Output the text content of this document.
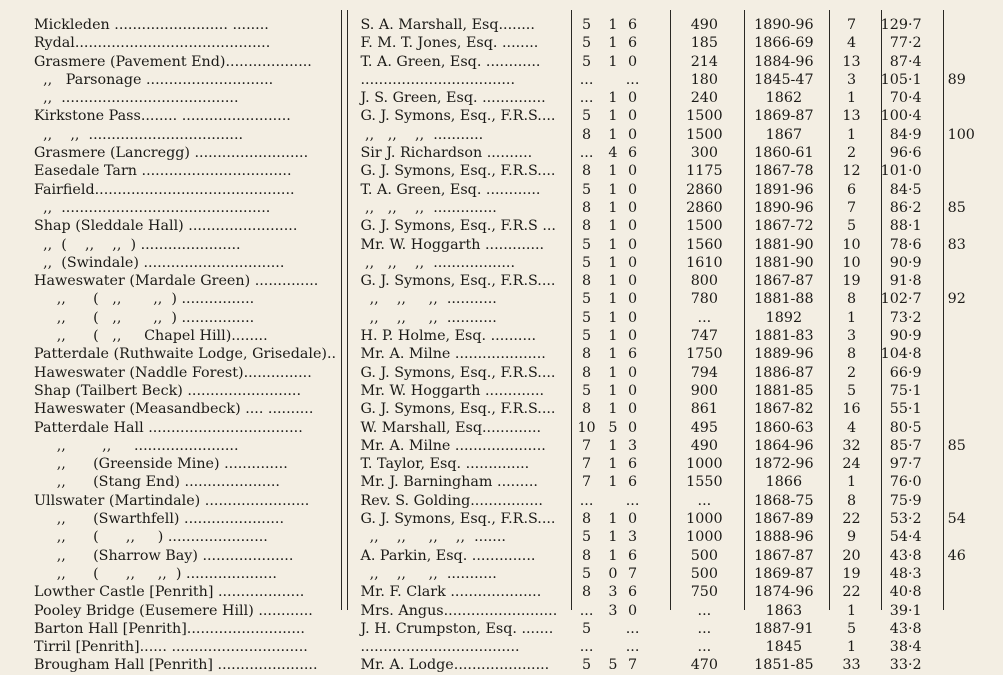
Mickleden ......................... ........		S. A. Marshall, Esq........	5	1	6		490	1890-96	7	129·7	

Rydal...........................................		F. M. T. Jones, Esq. ........	5	1	6		185	1866-69	4	77·2	

Grasmere (Pavement End)...................		T. A. Green, Esq. ............	5	1	0		214	1884-96	13	87·4	

,,   Parsonage ............................		..................................	...		...		180	1845-47	3	105·1	89

,,  .......................................		J. S. Green, Esq. ..............	...	1	0		240	1862	1	70·4	

Kirkstone Pass........ ........................		G. J. Symons, Esq., F.R.S....	5	1	0		1500	1869-87	13	100·4	

,,    ,,  ..................................		,,   ,,    ,,  ...........	8	1	0		1500	1867	1	84·9	100

Grasmere (Lancregg) .........................		Sir J. Richardson ..........	...	4	6		300	1860-61	2	96·6	

Easedale Tarn .................................		G. J. Symons, Esq., F.R.S....	8	1	0		1175	1867-78	12	101·0	

Fairfield............................................		T. A. Green, Esq. ............	5	1	0		2860	1891-96	6	84·5	

,,  ..............................................		,,   ,,    ,,  ..............	8	1	0		2860	1890-96	7	86·2	85

Shap (Sleddale Hall) ........................		G. J. Symons, Esq., F.R.S ...	8	1	0		1500	1867-72	5	88·1	

,,  (    ,,    ,,  ) ......................		Mr. W. Hoggarth .............	5	1	0		1560	1881-90	10	78·6	83

,,  (Swindale) ...............................		,,   ,,    ,,  ..................	5	1	0		1610	1881-90	10	90·9	

Haweswater (Mardale Green) ..............		G. J. Symons, Esq., F.R.S....	8	1	0		800	1867-87	19	91·8	

,,      (   ,,       ,,  ) ................		,,    ,,     ,,  ...........	5	1	0		780	1881-88	8	102·7	92

,,      (   ,,       ,,  ) ................		,,    ,,     ,,  ...........	5	1	0		...	1892	1	73·2	

,,      (   ,,     Chapel Hill)........		H. P. Holme, Esq. ..........	5	1	0		747	1881-83	3	90·9	

Patterdale (Ruthwaite Lodge, Grisedale)..		Mr. A. Milne ....................	8	1	6		1750	1889-96	8	104·8	

Haweswater (Naddle Forest)...............		G. J. Symons, Esq., F.R.S....	8	1	0		794	1886-87	2	66·9	

Shap (Tailbert Beck) .........................		Mr. W. Hoggarth .............	5	1	0		900	1881-85	5	75·1	

Haweswater (Measandbeck) .... ..........		G. J. Symons, Esq., F.R.S....	8	1	0		861	1867-82	16	55·1	

Patterdale Hall ..................................		W. Marshall, Esq.............	10	5	0		495	1860-63	4	80·5	

,,        ,,     .......................		Mr. A. Milne ....................	7	1	3		490	1864-96	32	85·7	85

,,      (Greenside Mine) ..............		T. Taylor, Esq. ..............	7	1	6		1000	1872-96	24	97·7	

,,      (Stang End) .....................		Mr. J. Barningham .........	7	1	6		1550	1866	1	76·0	

Ullswater (Martindale) .......................		Rev. S. Golding................	...		...		...	1868-75	8	75·9	

,,      (Swarthfell) ......................		G. J. Symons, Esq., F.R.S....	8	1	0		1000	1867-89	22	53·2	54

,,      (      ,,     ) ......................		,,    ,,     ,,    ,,  .......	5	1	3		1000	1888-96	9	54·4	

,,      (Sharrow Bay) ....................		A. Parkin, Esq. ..............	8	1	6		500	1867-87	20	43·8	46

,,      (      ,,     ,,  ) ....................		,,    ,,     ,,  ...........	5	0	7		500	1869-87	19	48·3	

Lowther Castle [Penrith] ...................		Mr. F. Clark ....................	8	3	6		750	1874-96	22	40·8	

Pooley Bridge (Eusemere Hill) ............		Mrs. Angus.........................	...	3	0		...	1863	1	39·1	

Barton Hall [Penrith]..........................		J. H. Crumpston, Esq. .......	5		...		...	1887-91	5	43·8	

Tirril [Penrith]...... ..............................		...................................	...		...		...	1845	1	38·4	

Brougham Hall [Penrith] ......................		Mr. A. Lodge.....................	5	5	7		470	1851-85	33	33·2	
